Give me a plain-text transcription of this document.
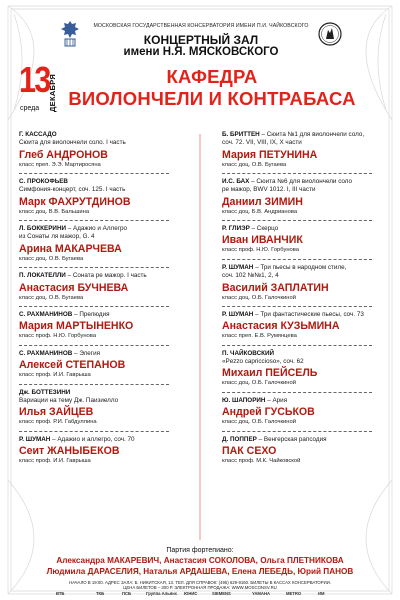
МОСКОВСКАЯ ГОСУДАРСТВЕННАЯ КОНСЕРВАТОРИЯ ИМЕНИ П.И. ЧАЙКОВСКОГО
КОНЦЕРТНЫЙ ЗАЛ
имени Н.Я. МЯСКОВСКОГО
13
ДЕКАБРЯ
среда
КАФЕДРА
ВИОЛОНЧЕЛИ И КОНТРАБАСА
Г. КАССАДО
Сюита для виолончели соло. I часть
Глеб АНДРОНОВ
класс преп. Э.Э. Мартиросяна
С. ПРОКОФЬЕВ
Симфония-концерт, соч. 125. I часть
Марк ФАХРУТДИНОВ
класс доц. В.В. Бальшина
Л. БОККЕРИНИ – Адажио и Аллегро
из Сонаты ля мажор, G. 4
Арина МАКАРЧЕВА
класс доц. О.В. Бугаева
П. ЛОКАТЕЛЛИ – Соната ре мажор. I часть
Анастасия БУЧНЕВА
класс доц. О.В. Бугаева
С. РАХМАНИНОВ – Прелюдия
Мария МАРТЫНЕНКО
класс проф. Н.Ю. Горбуновa
С. РАХМАНИНОВ – Элегия
Алексей СТЕПАНОВ
класс проф. И.И. Гаврыша
Дж. БОТТЕЗИНИ
Вариации на тему Дж. Паизиелло
Илья ЗАЙЦЕВ
класс проф. Р.И. Габдуллина
Р. ШУМАН – Адажио и аллегро, соч. 70
Сеит ЖАНЫБЕКОВ
класс проф. И.И. Гаврыша
Б. БРИТТЕН – Сюита №1 для виолончели соло,
соч. 72. VII, VIII, IX, X части
Мария ПЕТУНИНА
класс доц. О.В. Бугаева
И.С. БАХ – Сюита №6 для виолончели соло
ре мажор, BWV 1012. I, III части
Даниил ЗИМИН
класс доц. Б.В. Андрианова
Р. ГЛИЭР – Скерцо
Иван ИВАНЧИК
класс проф. Н.Ю. Горбунова
Р. ШУМАН – Три пьесы в народном стиле,
соч. 102 №№1, 2, 4
Василий ЗАПЛАТИН
класс доц. О.Б. Галочкиной
Р. ШУМАН – Три фантастические пьесы, соч. 73
Анастасия КУЗЬМИНА
класс преп. Е.В. Румянцева
П. ЧАЙКОВСКИЙ
«Pezzo capriccioso», соч. 62
Михаил ПЕЙСЕЛЬ
класс доц. О.Б. Галочкиной
Ю. ШАПОРИН – Ария
Андрей ГУСЬКОВ
класс доц. О.Б. Галочкиной
Д. ПОППЕР – Венгерская рапсодия
ПАК СЕХО
класс проф. М.К. Чайковской
Партия фортепиано:
Александра МАКАРЕВИЧ, Анастасия СОКОЛОВА, Ольга ПЛЕТНИКОВА
Людмила ДАРАСЕЛИЯ, Наталья АРДАШЕВА, Елена ЛЕБЕДЬ, Юрий ПАНОВ
НАЧАЛО В 19:00. АДРЕС ЗАЛА: Б. НИКИТСКАЯ, 13. ТЕЛ. ДЛЯ СПРАВОК: (495) 629-9160. БИЛЕТЫ В КАССАХ КОНСЕРВАТОРИИ.
ЦЕНА БИЛЕТОВ – 300 Р. ЭЛЕКТРОННАЯ ПРОДАЖА: WWW.MOSCONSV.RU
ВТБ	ТКБ	ПСБ	Группа Альянс ЮНИС	SIEMENS	YAMAHA	METRO	ИМ
